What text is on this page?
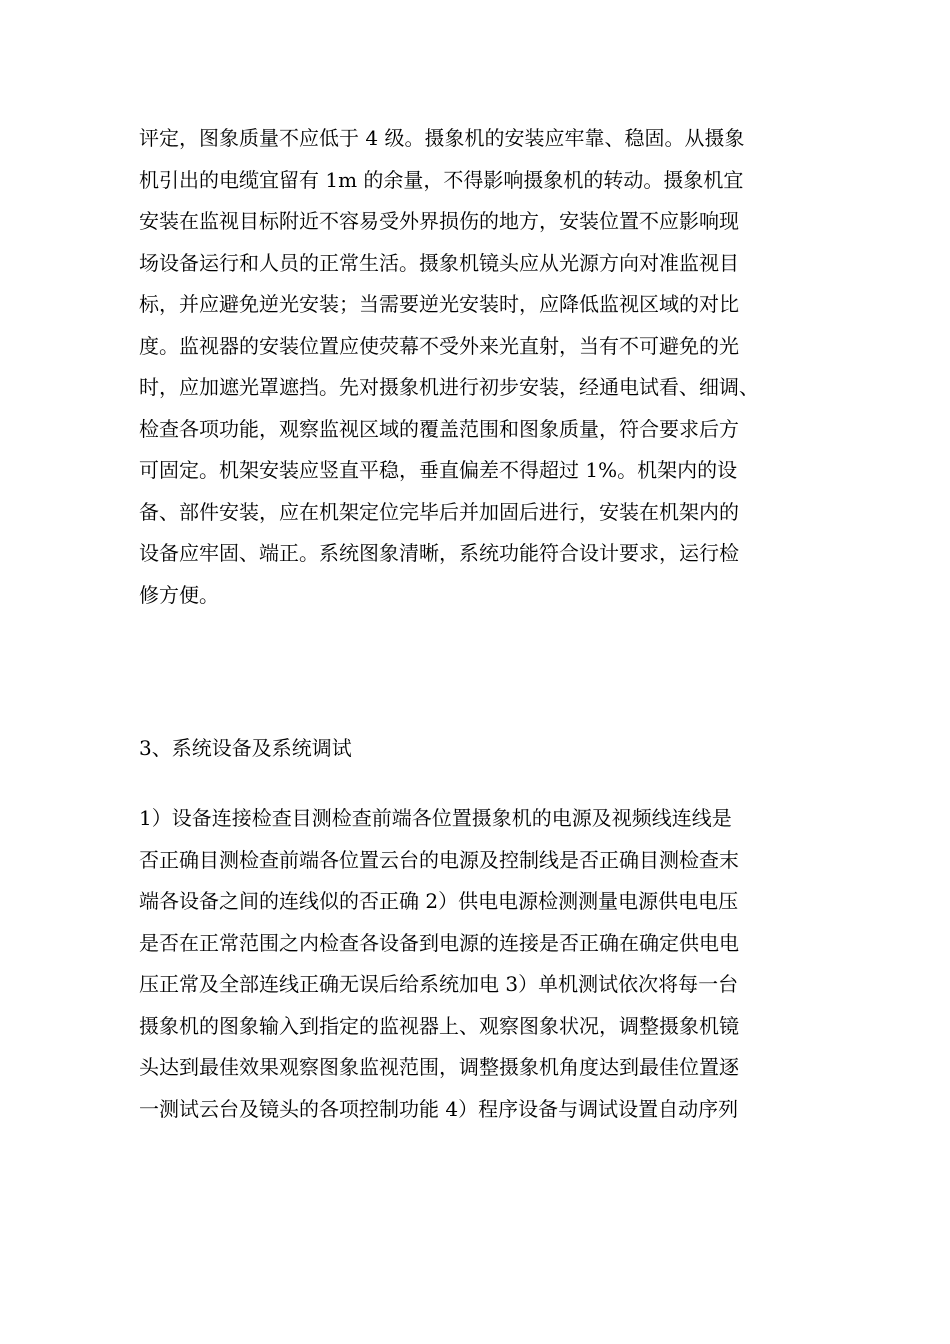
评定，图象质量不应低于 4 级。摄象机的安装应牢靠、稳固。从摄象
机引出的电缆宜留有 1m 的余量，不得影响摄象机的转动。摄象机宜
安装在监视目标附近不容易受外界损伤的地方，安装位置不应影响现
场设备运行和人员的正常生活。摄象机镜头应从光源方向对准监视目
标，并应避免逆光安装；当需要逆光安装时，应降低监视区域的对比
度。监视器的安装位置应使荧幕不受外来光直射，当有不可避免的光
时，应加遮光罩遮挡。先对摄象机进行初步安装，经通电试看、细调、
检查各项功能，观察监视区域的覆盖范围和图象质量，符合要求后方
可固定。机架安装应竖直平稳，垂直偏差不得超过 1%。机架内的设
备、部件安装，应在机架定位完毕后并加固后进行，安装在机架内的
设备应牢固、端正。系统图象清晰，系统功能符合设计要求，运行检
修方便。
3、系统设备及系统调试
1）设备连接检查目测检查前端各位置摄象机的电源及视频线连线是
否正确目测检查前端各位置云台的电源及控制线是否正确目测检查末
端各设备之间的连线似的否正确 2）供电电源检测测量电源供电电压
是否在正常范围之内检查各设备到电源的连接是否正确在确定供电电
压正常及全部连线正确无误后给系统加电 3）单机测试依次将每一台
摄象机的图象输入到指定的监视器上、观察图象状况，调整摄象机镜
头达到最佳效果观察图象监视范围，调整摄象机角度达到最佳位置逐
一测试云台及镜头的各项控制功能 4）程序设备与调试设置自动序列
